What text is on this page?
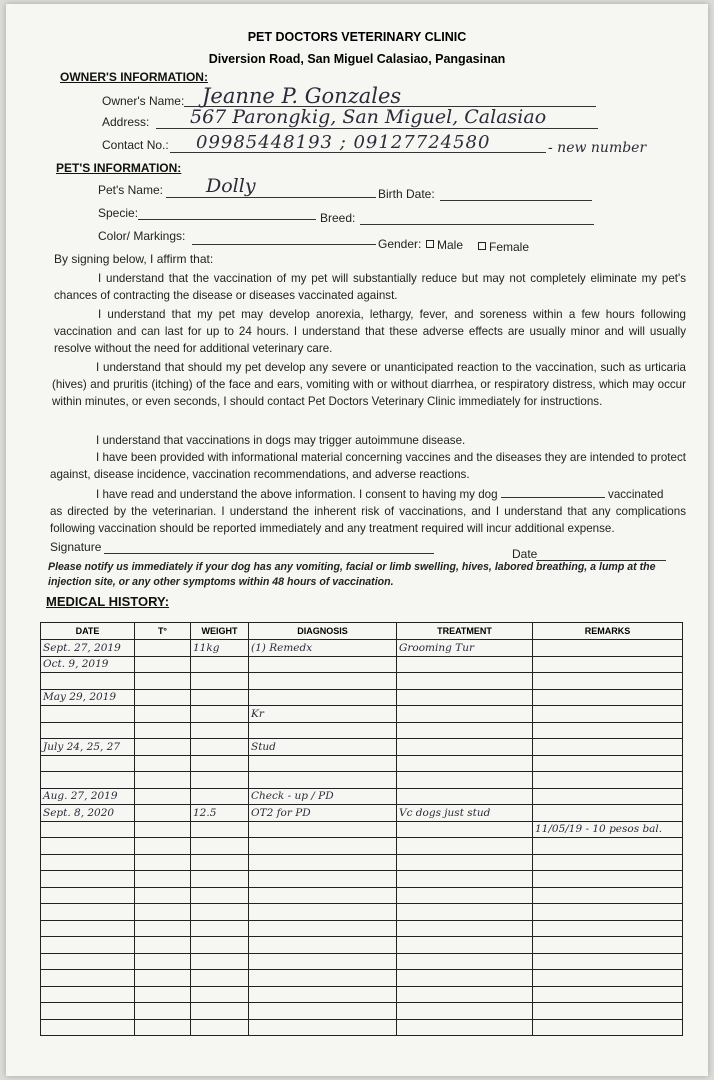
PET DOCTORS VETERINARY CLINIC
Diversion Road, San Miguel Calasiao, Pangasinan
OWNER'S INFORMATION:
Owner's Name: Jeanne P. Gonzales
Address: 567 Parongkig, San Miguel, Calasiao
Contact No.: 09985448193 ; 09127724580	- new number
PET'S INFORMATION:
Pet's Name: Dolly	Birth Date:
Specie:	Breed:
Color/ Markings:
Gender: Male Female
By signing below, I affirm that:
I understand that the vaccination of my pet will substantially reduce but may not completely eliminate my pet's chances of contracting the disease or diseases vaccinated against.
I understand that my pet may develop anorexia, lethargy, fever, and soreness within a few hours following vaccination and can last for up to 24 hours. I understand that these adverse effects are usually minor and will usually resolve without the need for additional veterinary care.
I understand that should my pet develop any severe or unanticipated reaction to the vaccination, such as urticaria (hives) and pruritis (itching) of the face and ears, vomiting with or without diarrhea, or respiratory distress, which may occur within minutes, or even seconds, I should contact Pet Doctors Veterinary Clinic immediately for instructions.
I understand that vaccinations in dogs may trigger autoimmune disease.
I have been provided with informational material concerning vaccines and the diseases they are intended to protect against, disease incidence, vaccination recommendations, and adverse reactions.
I have read and understand the above information. I consent to having my dog	vaccinated
as directed by the veterinarian. I understand the inherent risk of vaccinations, and I understand that any complications following vaccination should be reported immediately and any treatment required will incur additional expense.
Signature	Date
Please notify us immediately if your dog has any vomiting, facial or limb swelling, hives, labored breathing, a lump at the injection site, or any other symptoms within 48 hours of vaccination.
MEDICAL HISTORY:
DATE	T°	WEIGHT	DIAGNOSIS	TREATMENT	REMARKS
Sept. 27, 2019		11kg	(1) Remedx	Grooming Tur	
Oct. 9, 2019					

May 29, 2019					
			Kr		

July 24, 25, 27			Stud		

Aug. 27, 2019			Check - up / PD		
Sept. 8, 2020		12.5	OT2 for PD	Vc dogs just stud	
					11/05/19 - 10 pesos bal.
